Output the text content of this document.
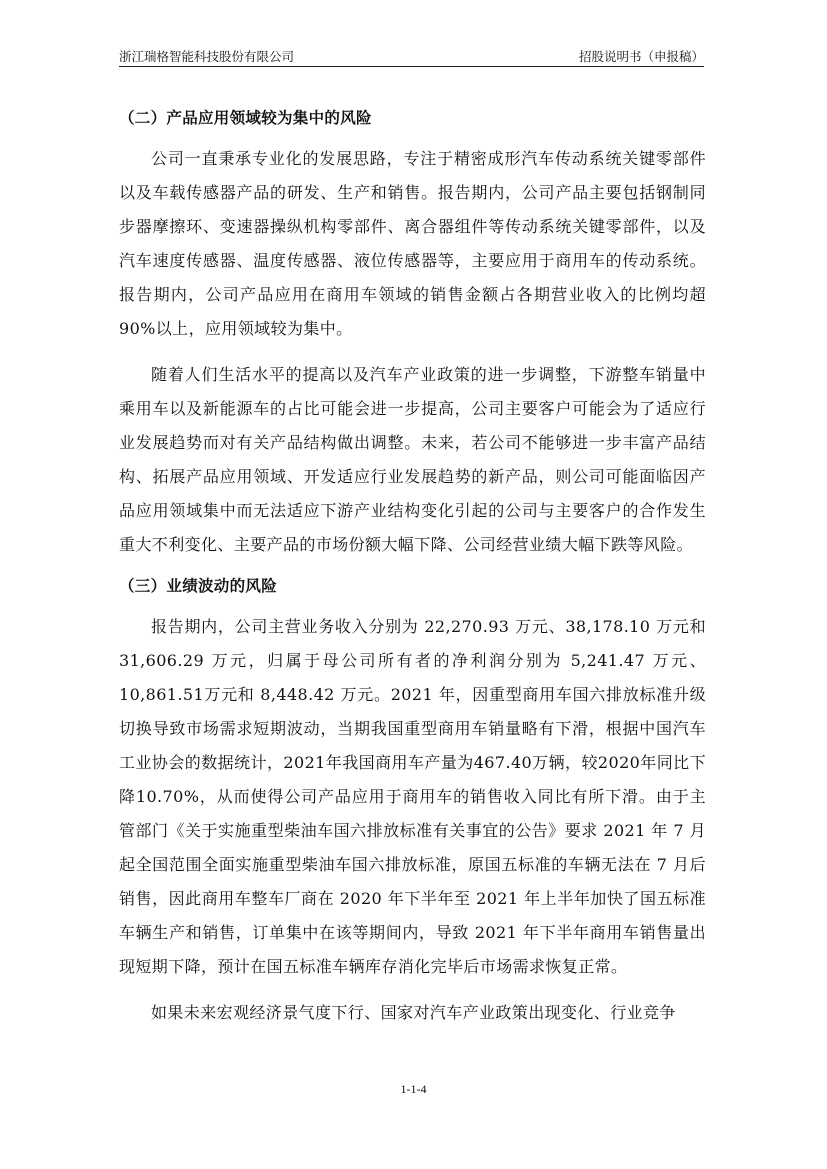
浙江瑞格智能科技股份有限公司	招股说明书（申报稿）
（二）产品应用领域较为集中的风险

公司一直秉承专业化的发展思路，专注于精密成形汽车传动系统关键零部件以及车载传感器产品的研发、生产和销售。报告期内，公司产品主要包括钢制同步器摩擦环、变速器操纵机构零部件、离合器组件等传动系统关键零部件，以及汽车速度传感器、温度传感器、液位传感器等，主要应用于商用车的传动系统。报告期内，公司产品应用在商用车领域的销售金额占各期营业收入的比例均超 90%以上，应用领域较为集中。

随着人们生活水平的提高以及汽车产业政策的进一步调整，下游整车销量中乘用车以及新能源车的占比可能会进一步提高，公司主要客户可能会为了适应行业发展趋势而对有关产品结构做出调整。未来，若公司不能够进一步丰富产品结构、拓展产品应用领域、开发适应行业发展趋势的新产品，则公司可能面临因产品应用领域集中而无法适应下游产业结构变化引起的公司与主要客户的合作发生重大不利变化、主要产品的市场份额大幅下降、公司经营业绩大幅下跌等风险。

（三）业绩波动的风险

报告期内，公司主营业务收入分别为 22,270.93 万元、38,178.10 万元和31,606.29 万元，归属于母公司所有者的净利润分别为 5,241.47 万元、10,861.51万元和 8,448.42 万元。2021 年，因重型商用车国六排放标准升级切换导致市场需求短期波动，当期我国重型商用车销量略有下滑，根据中国汽车工业协会的数据统计，2021年我国商用车产量为467.40万辆，较2020年同比下降10.70%，从而使得公司产品应用于商用车的销售收入同比有所下滑。由于主管部门《关于实施重型柴油车国六排放标准有关事宜的公告》要求 2021 年 7 月起全国范围全面实施重型柴油车国六排放标准，原国五标准的车辆无法在 7 月后销售，因此商用车整车厂商在 2020 年下半年至 2021 年上半年加快了国五标准车辆生产和销售，订单集中在该等期间内，导致 2021 年下半年商用车销售量出现短期下降，预计在国五标准车辆库存消化完毕后市场需求恢复正常。

如果未来宏观经济景气度下行、国家对汽车产业政策出现变化、行业竞争

1-1-4
